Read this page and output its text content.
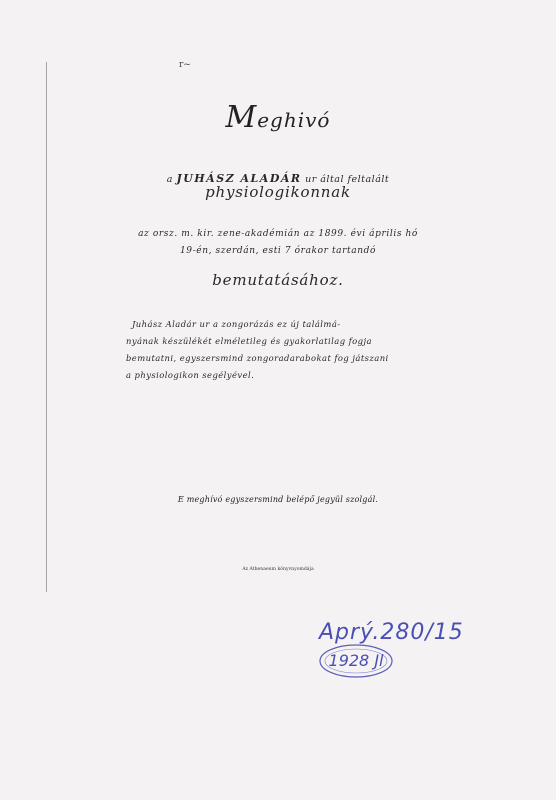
r~
Meghivó
a JUHÁSZ ALADÁR ur által feltalált
physiologikonnak
az orsz. m. kir. zene-akadémián az 1899. évi április hó
19-én, szerdán, esti 7 órakor tartandó
bemutatásához.
Juhász Aladár ur a zongorázás ez új találmá-
nyának készülékét elméletileg és gyakorlatilag fogja
bemutatni, egyszersmind zongoradarabokat fog játszani
a physiologikon segélyével.
E meghívó egyszersmind belépő jegyül szolgál.
Az Athenaeum könyvnyomdája
Aprý.280/15
1928 Jl
